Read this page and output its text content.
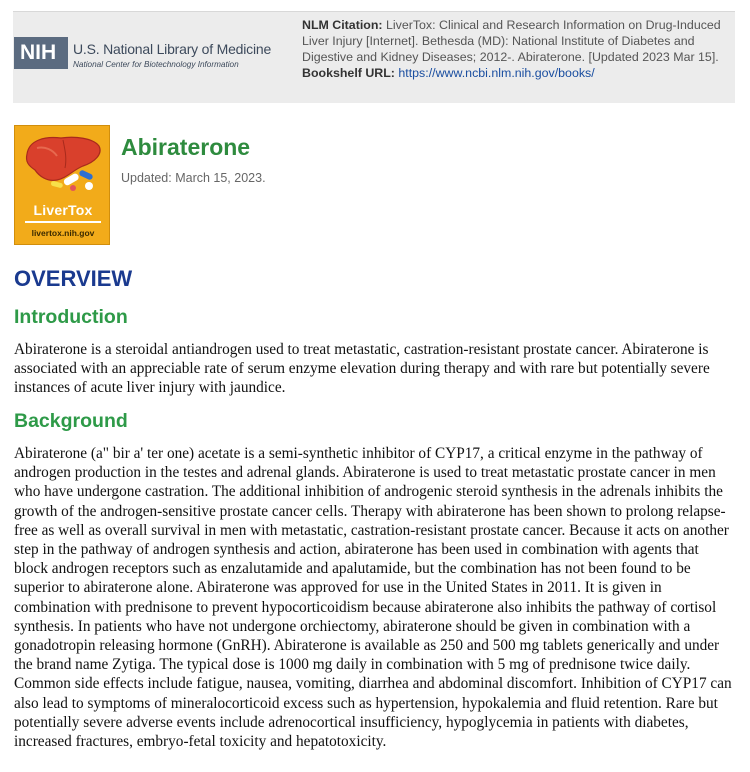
NIH	U.S. National Library of Medicine
National Center for Biotechnology Information
NLM Citation: LiverTox: Clinical and Research Information on Drug-Induced Liver Injury [Internet]. Bethesda (MD): National Institute of Diabetes and Digestive and Kidney Diseases; 2012-. Abiraterone. [Updated 2023 Mar 15].
Bookshelf URL: https://www.ncbi.nlm.nih.gov/books/
LiverTox
livertox.nih.gov
Abiraterone
Updated: March 15, 2023.
OVERVIEW
Introduction

Abiraterone is a steroidal antiandrogen used to treat metastatic, castration-resistant prostate cancer. Abiraterone is associated with an appreciable rate of serum enzyme elevation during therapy and with rare but potentially severe instances of acute liver injury with jaundice.

Background

Abiraterone (a" bir a' ter one) acetate is a semi-synthetic inhibitor of CYP17, a critical enzyme in the pathway of androgen production in the testes and adrenal glands. Abiraterone is used to treat metastatic prostate cancer in men who have undergone castration. The additional inhibition of androgenic steroid synthesis in the adrenals inhibits the growth of the androgen-sensitive prostate cancer cells. Therapy with abiraterone has been shown to prolong relapse-free as well as overall survival in men with metastatic, castration-resistant prostate cancer. Because it acts on another step in the pathway of androgen synthesis and action, abiraterone has been used in combination with agents that block androgen receptors such as enzalutamide and apalutamide, but the combination has not been found to be superior to abiraterone alone. Abiraterone was approved for use in the United States in 2011. It is given in combination with prednisone to prevent hypocorticoidism because abiraterone also inhibits the pathway of cortisol synthesis. In patients who have not undergone orchiectomy, abiraterone should be given in combination with a gonadotropin releasing hormone (GnRH). Abiraterone is available as 250 and 500 mg tablets generically and under the brand name Zytiga. The typical dose is 1000 mg daily in combination with 5 mg of prednisone twice daily. Common side effects include fatigue, nausea, vomiting, diarrhea and abdominal discomfort. Inhibition of CYP17 can also lead to symptoms of mineralocorticoid excess such as hypertension, hypokalemia and fluid retention. Rare but potentially severe adverse events include adrenocortical insufficiency, hypoglycemia in patients with diabetes, increased fractures, embryo-fetal toxicity and hepatotoxicity.
